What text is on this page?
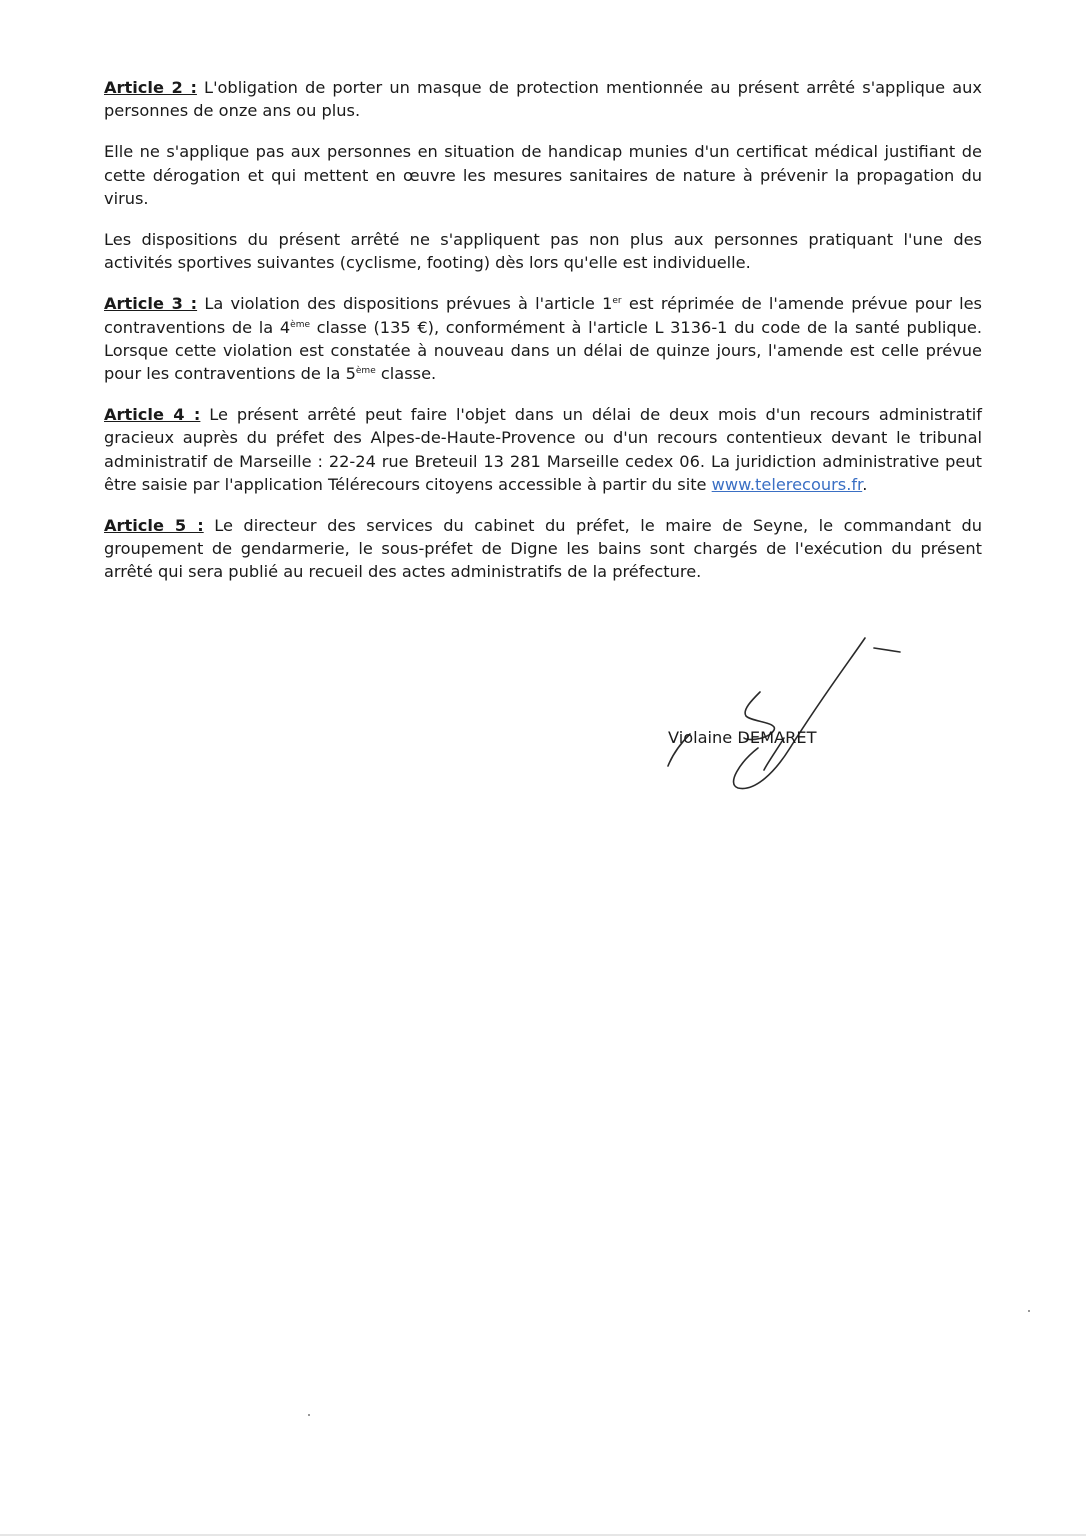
Article 2 : L'obligation de porter un masque de protection mentionnée au présent arrêté s'applique aux personnes de onze ans ou plus.

Elle ne s'applique pas aux personnes en situation de handicap munies d'un certificat médical justifiant de cette dérogation et qui mettent en œuvre les mesures sanitaires de nature à prévenir la propagation du virus.

Les dispositions du présent arrêté ne s'appliquent pas non plus aux personnes pratiquant l'une des activités sportives suivantes (cyclisme, footing) dès lors qu'elle est individuelle.

Article 3 : La violation des dispositions prévues à l'article 1er est réprimée de l'amende prévue pour les contraventions de la 4ème classe (135 €), conformément à l'article L 3136-1 du code de la santé publique. Lorsque cette violation est constatée à nouveau dans un délai de quinze jours, l'amende est celle prévue pour les contraventions de la 5ème classe.

Article 4 : Le présent arrêté peut faire l'objet dans un délai de deux mois d'un recours administratif gracieux auprès du préfet des Alpes-de-Haute-Provence ou d'un recours contentieux devant le tribunal administratif de Marseille : 22-24 rue Breteuil 13 281 Marseille cedex 06. La juridiction administrative peut être saisie par l'application Télérecours citoyens accessible à partir du site www.telerecours.fr.

Article 5 : Le directeur des services du cabinet du préfet, le maire de Seyne, le commandant du groupement de gendarmerie, le sous-préfet de Digne les bains sont chargés de l'exécution du présent arrêté qui sera publié au recueil des actes administratifs de la préfecture.

Violaine DEMARET
